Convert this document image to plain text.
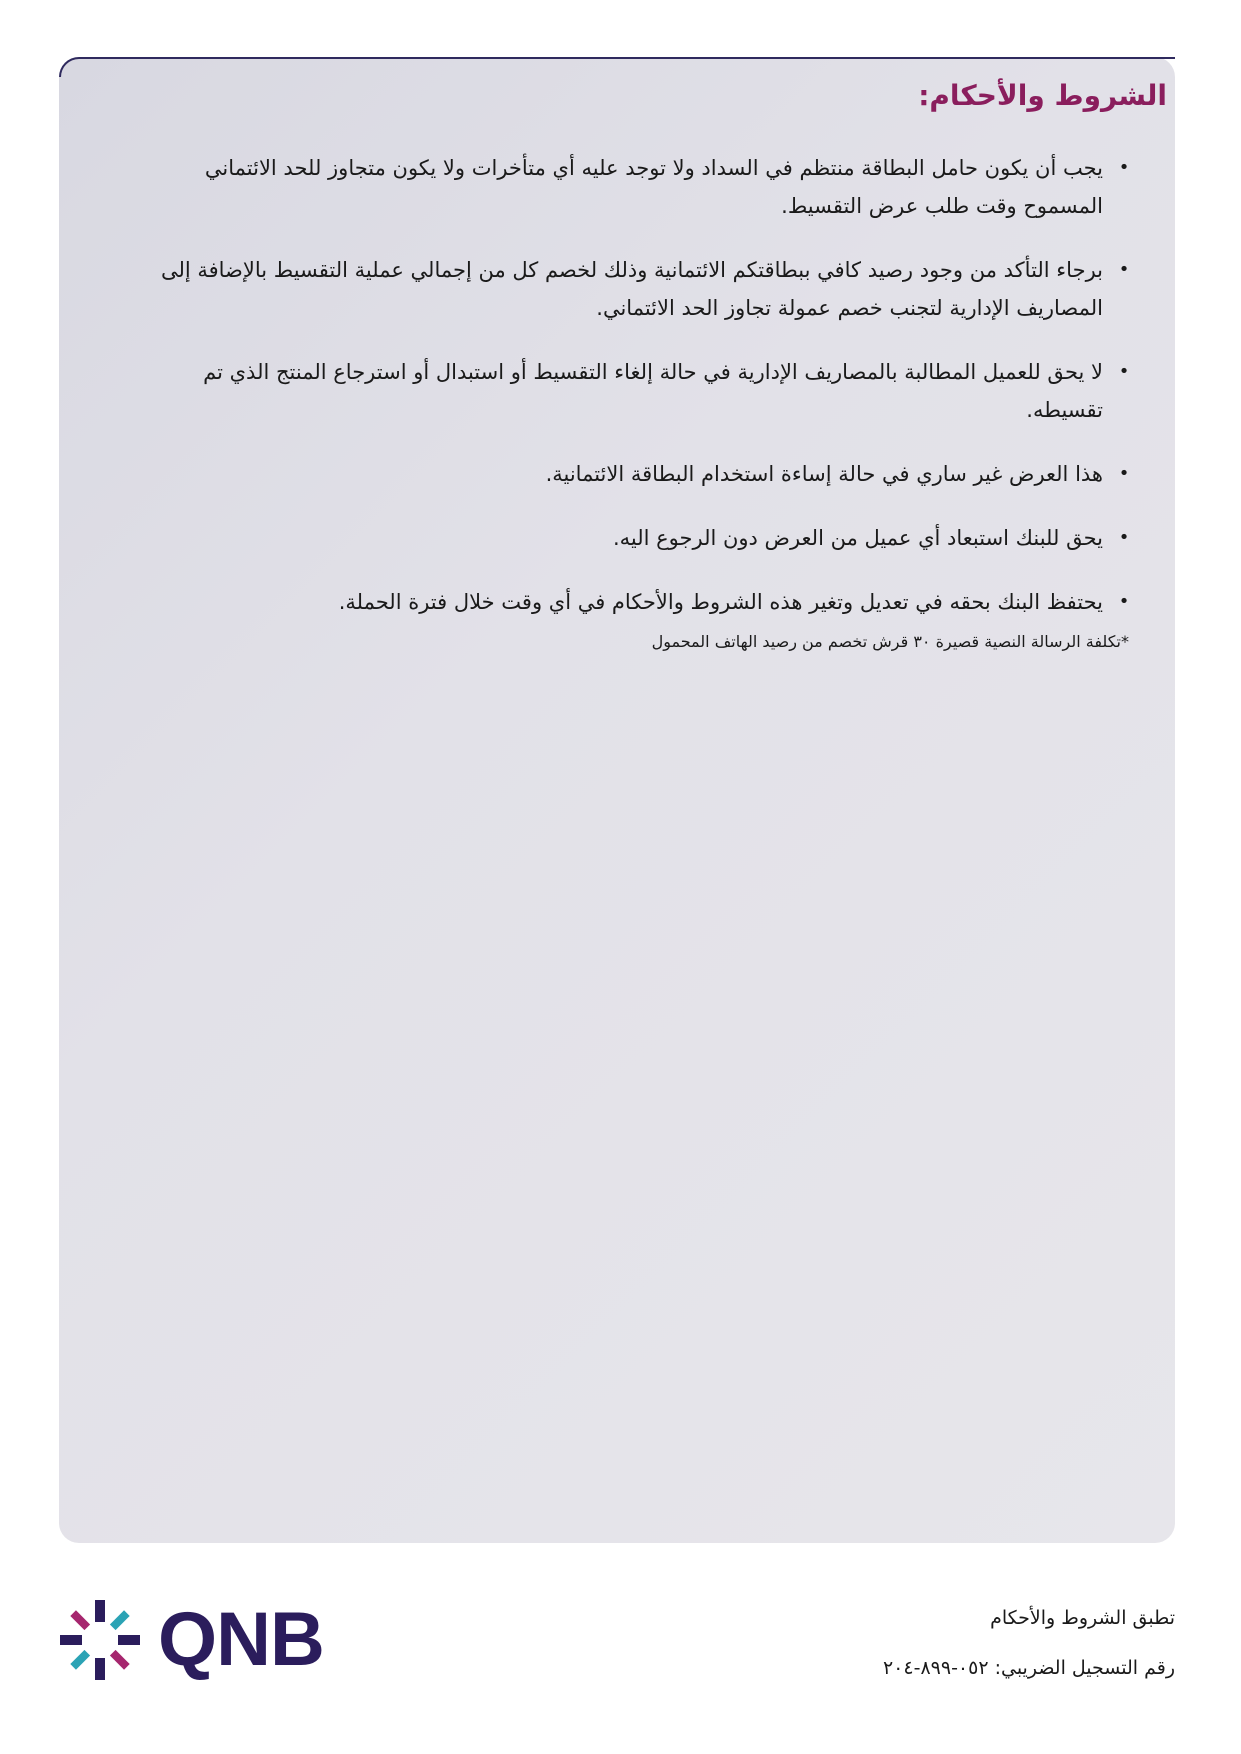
الشروط والأحكام:
•
يجب أن يكون حامل البطاقة منتظم في السداد ولا توجد عليه أي متأخرات ولا يكون متجاوز للحد الائتماني المسموح وقت طلب عرض التقسيط.
•
برجاء التأكد من وجود رصيد كافي ببطاقتكم الائتمانية وذلك لخصم كل من إجمالي عملية التقسيط بالإضافة إلى المصاريف الإدارية لتجنب خصم عمولة تجاوز الحد الائتماني.
•
لا يحق للعميل المطالبة بالمصاريف الإدارية في حالة إلغاء التقسيط أو استبدال أو استرجاع المنتج الذي تم تقسيطه.
•
هذا العرض غير ساري في حالة إساءة استخدام البطاقة الائتمانية.
•
يحق للبنك استبعاد أي عميل من العرض دون الرجوع اليه.
•
يحتفظ البنك بحقه في تعديل وتغير هذه الشروط والأحكام في أي وقت خلال فترة الحملة.

*تكلفة الرسالة النصية قصيرة ٣٠ قرش تخصم من رصيد الهاتف المحمول

QNB	تطبق الشروط والأحكام

رقم التسجيل الضريبي: ٠٥٢-٨٩٩-٢٠٤
